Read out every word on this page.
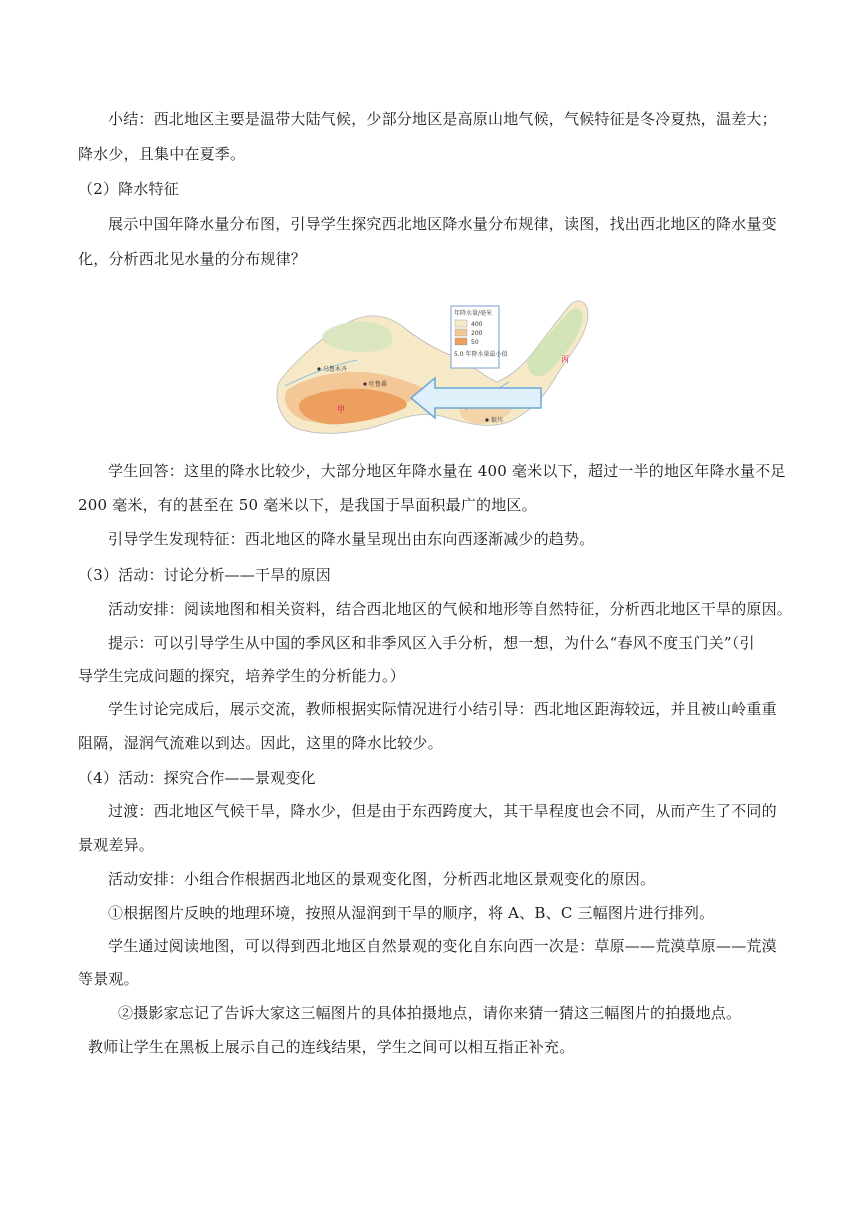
小结：西北地区主要是温带大陆气候，少部分地区是高原山地气候，气候特征是冬冷夏热，温差大；
降水少，且集中在夏季。
（2）降水特征
展示中国年降水量分布图，引导学生探究西北地区降水量分布规律，读图，找出西北地区的降水量变
化，分析西北见水量的分布规律？
年降水量/毫米
400
200
50
5.0 年降水量最小值
乌鲁木齐
吐鲁番
银川
甲
丙
学生回答：这里的降水比较少，大部分地区年降水量在 400 毫米以下，超过一半的地区年降水量不足
200 毫米，有的甚至在 50 毫米以下，是我国于旱面积最广的地区。
引导学生发现特征：西北地区的降水量呈现出由东向西逐渐减少的趋势。
（3）活动：讨论分析——干旱的原因
活动安排：阅读地图和相关资料，结合西北地区的气候和地形等自然特征，分析西北地区干旱的原因。
提示：可以引导学生从中国的季风区和非季风区入手分析，想一想，为什么“春风不度玉门关”（引
导学生完成问题的探究，培养学生的分析能力。）
学生讨论完成后，展示交流，教师根据实际情况进行小结引导：西北地区距海较远，并且被山岭重重
阻隔，湿润气流难以到达。因此，这里的降水比较少。
（4）活动：探究合作——景观变化
过渡：西北地区气候干旱，降水少，但是由于东西跨度大，其干旱程度也会不同，从而产生了不同的
景观差异。
活动安排：小组合作根据西北地区的景观变化图，分析西北地区景观变化的原因。
①根据图片反映的地理环境，按照从湿润到干旱的顺序，将 A、B、C 三幅图片进行排列。
学生通过阅读地图，可以得到西北地区自然景观的变化自东向西一次是：草原——荒漠草原——荒漠
等景观。
②摄影家忘记了告诉大家这三幅图片的具体拍摄地点，请你来猜一猜这三幅图片的拍摄地点。
教师让学生在黑板上展示自己的连线结果，学生之间可以相互指正补充。
